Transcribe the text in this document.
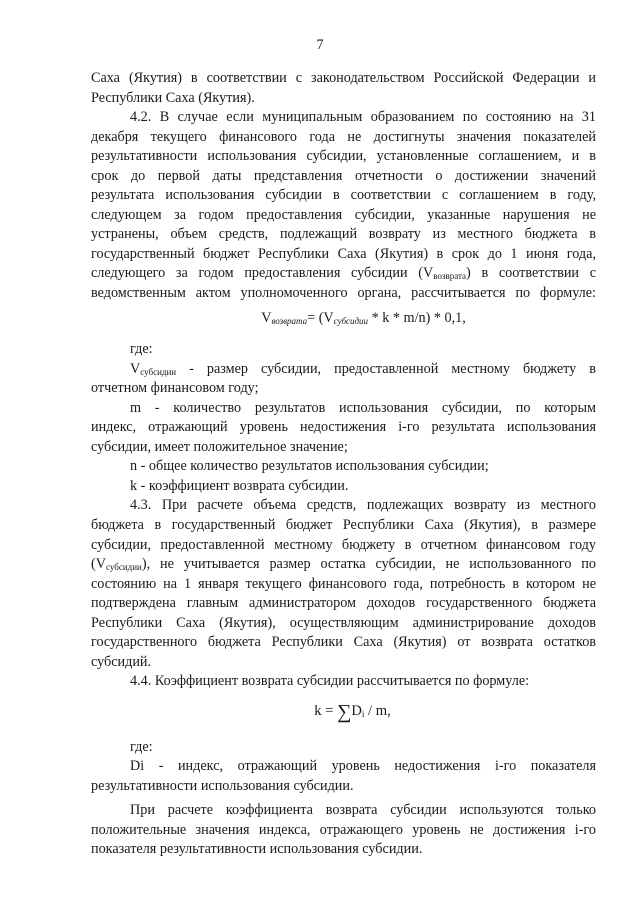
7
Саха (Якутия) в соответствии с законодательством Российской Федерации и
Республики Саха (Якутия).
4.2. В случае если муниципальным образованием по состоянию на 31
декабря текущего финансового года не достигнуты значения показателей
результативности использования субсидии, установленные соглашением, и в
срок до первой даты представления отчетности о достижении значений
результата использования субсидии в соответствии с соглашением в году,
следующем за годом предоставления субсидии, указанные нарушения не
устранены, объем средств, подлежащий возврату из местного бюджета в
государственный бюджет Республики Саха (Якутия) в срок до 1 июня года,
следующего за годом предоставления субсидии $(V_{возврата})$ в соответствии с
ведомственным актом уполномоченного органа, рассчитывается по формуле:
$V_{возврата}= (V_{субсидии} * k * m/n) * 0,1$,
где:
$V_{субсидии}$ - размер субсидии, предоставленной местному бюджету в
отчетном финансовом году;
m - количество результатов использования субсидии, по которым
индекс, отражающий уровень недостижения i-го результата использования
субсидии, имеет положительное значение;
n - общее количество результатов использования субсидии;
k - коэффициент возврата субсидии.
4.3. При расчете объема средств, подлежащих возврату из местного
бюджета в государственный бюджет Республики Саха (Якутия), в размере
субсидии, предоставленной местному бюджету в отчетном финансовом году
$(V_{субсидии})$, не учитывается размер остатка субсидии, не использованного по
состоянию на 1 января текущего финансового года, потребность в котором не
подтверждена главным администратором доходов государственного бюджета
Республики Саха (Якутия), осуществляющим администрирование доходов
государственного бюджета Республики Саха (Якутия) от возврата остатков
субсидий.
4.4. Коэффициент возврата субсидии рассчитывается по формуле:
$k = \sum D_i / m$,
где:
Di - индекс, отражающий уровень недостижения i-го показателя
результативности использования субсидии.
При расчете коэффициента возврата субсидии используются только
положительные значения индекса, отражающего уровень не достижения i-го
показателя результативности использования субсидии.
